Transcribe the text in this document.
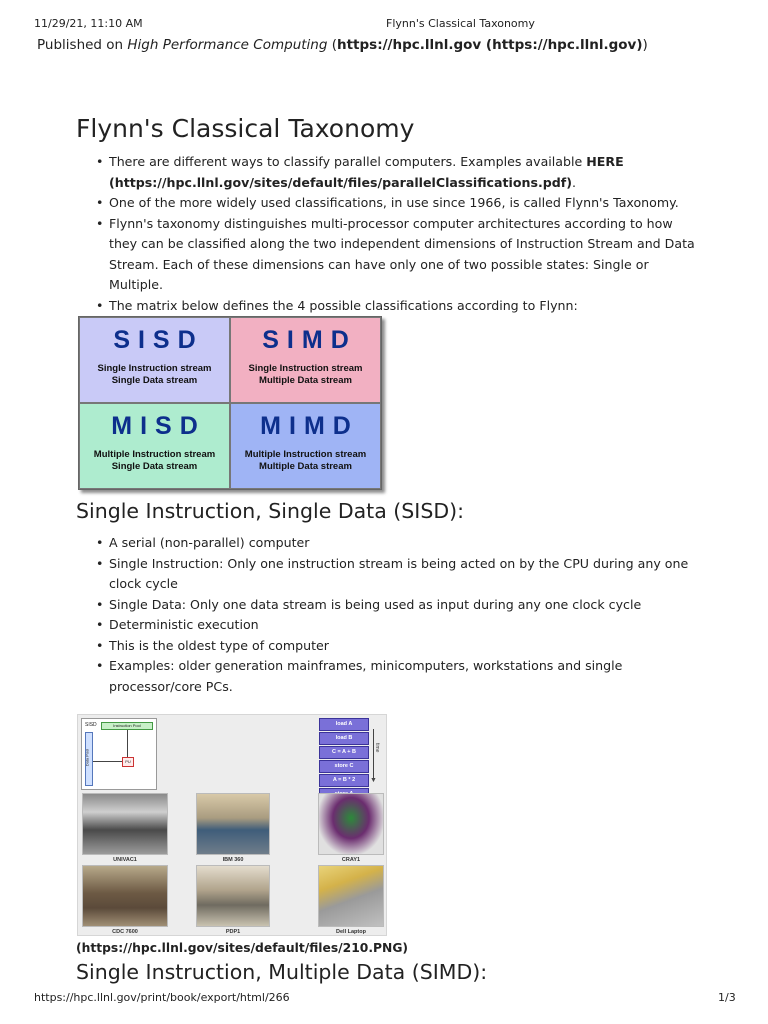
11/29/21, 11:10 AM	Flynn's Classical Taxonomy
Published on High Performance Computing (https://hpc.llnl.gov (https://hpc.llnl.gov))
Flynn's Classical Taxonomy
• There are different ways to classify parallel computers. Examples available HERE
(https://hpc.llnl.gov/sites/default/files/parallelClassifications.pdf).
• One of the more widely used classifications, in use since 1966, is called Flynn's Taxonomy.
• Flynn's taxonomy distinguishes multi-processor computer architectures according to how they can be classified along the two independent dimensions of Instruction Stream and Data Stream. Each of these dimensions can have only one of two possible states: Single or Multiple.
• The matrix below defines the 4 possible classifications according to Flynn:
SISD
Single Instruction stream
Single Data stream
SIMD
Single Instruction stream
Multiple Data stream
MISD
Multiple Instruction stream
Single Data stream
MIMD
Multiple Instruction stream
Multiple Data stream
Single Instruction, Single Data (SISD):
• A serial (non-parallel) computer
• Single Instruction: Only one instruction stream is being acted on by the CPU during any one clock cycle
• Single Data: Only one data stream is being used as input during any one clock cycle
• Deterministic execution
• This is the oldest type of computer
• Examples: older generation mainframes, minicomputers, workstations and single processor/core PCs.
SISD	Instruction Pool
Data Pool	PU
load A
load B
C = A + B
store C
A = B * 2	▼
time
UNIVAC1	IBM 360	CRAY1
CDC 7600	PDP1	Dell Laptop
(https://hpc.llnl.gov/sites/default/files/210.PNG)
Single Instruction, Multiple Data (SIMD):
https://hpc.llnl.gov/print/book/export/html/266	1/3
